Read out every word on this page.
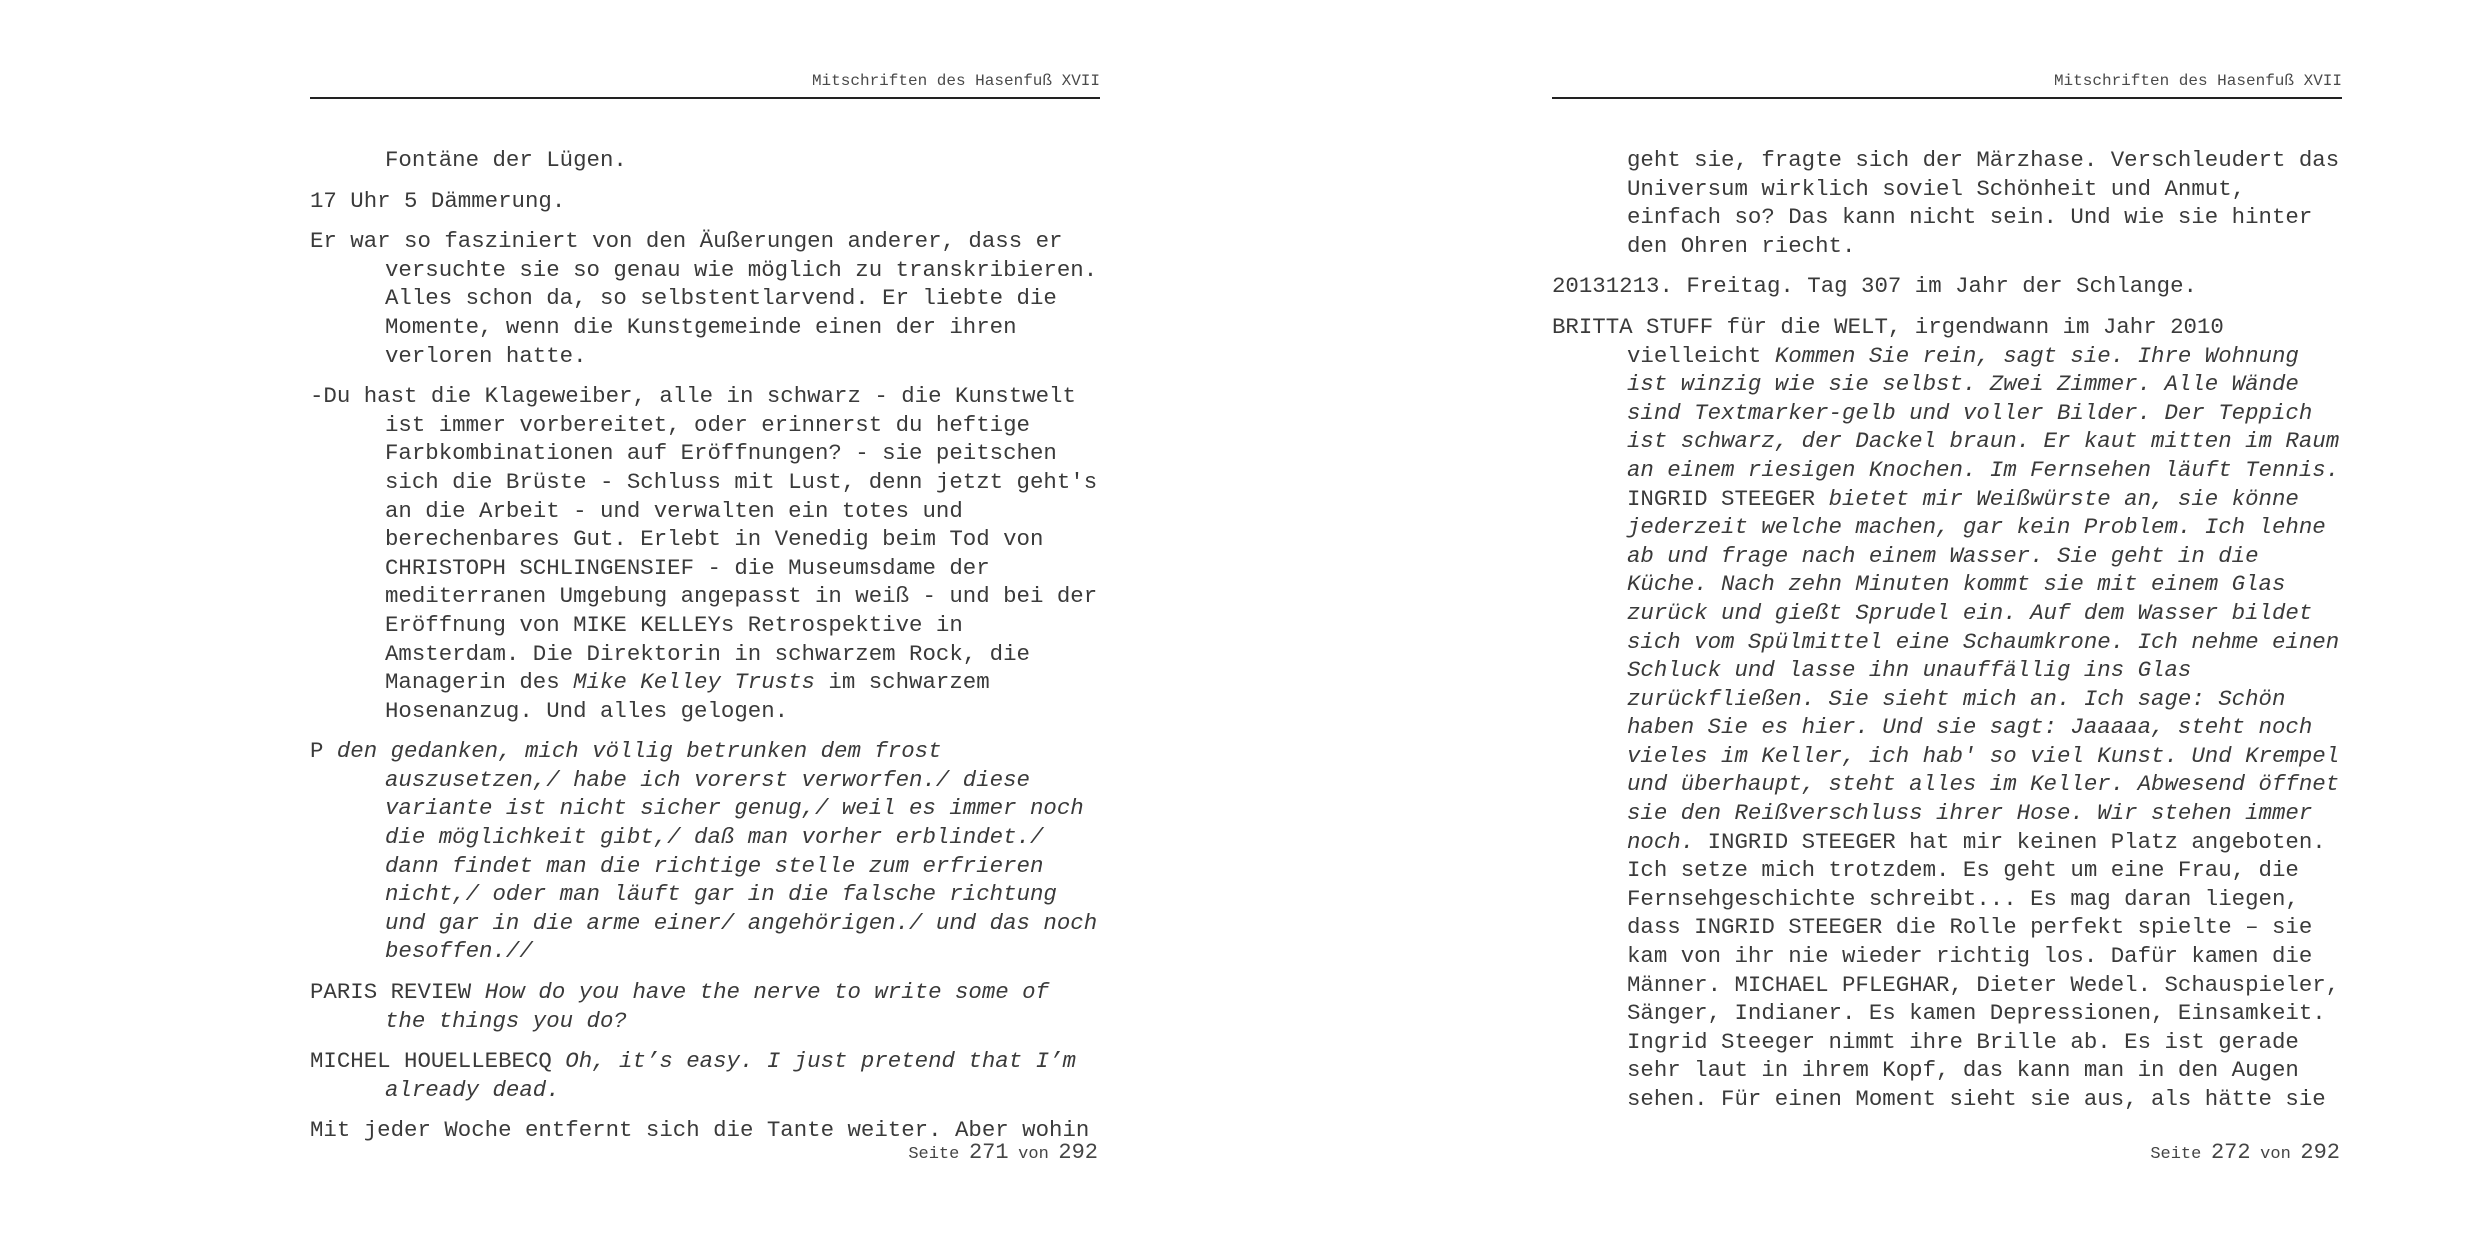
Mitschriften des Hasenfuß XVII

Fontäne der Lügen.

17 Uhr 5 Dämmerung.

Er war so fasziniert von den Äußerungen anderer, dass er versuchte sie so genau wie möglich zu transkribieren. Alles schon da, so selbstentlarvend. Er liebte die Momente, wenn die Kunstgemeinde einen der ihren verloren hatte.

-Du hast die Klageweiber, alle in schwarz - die Kunstwelt ist immer vorbereitet, oder erinnerst du heftige Farbkombinationen auf Eröffnungen? - sie peitschen sich die Brüste - Schluss mit Lust, denn jetzt geht's an die Arbeit - und verwalten ein totes und berechenbares Gut. Erlebt in Venedig beim Tod von CHRISTOPH SCHLINGENSIEF - die Museumsdame der mediterranen Umgebung angepasst in weiß - und bei der Eröffnung von MIKE KELLEYs Retrospektive in Amsterdam. Die Direktorin in schwarzem Rock, die Managerin des Mike Kelley Trusts im schwarzem Hosenanzug. Und alles gelogen.

P den gedanken, mich völlig betrunken dem frost auszusetzen,/ habe ich vorerst verworfen./ diese variante ist nicht sicher genug,/ weil es immer noch die möglichkeit gibt,/ daß man vorher erblindet./ dann findet man die richtige stelle zum erfrieren nicht,/ oder man läuft gar in die falsche richtung und gar in die arme einer/ angehörigen./ und das noch besoffen.//

PARIS REVIEW How do you have the nerve to write some of the things you do?

MICHEL HOUELLEBECQ Oh, it’s easy. I just pretend that I’m already dead.

Mit jeder Woche entfernt sich die Tante weiter. Aber wohin

Seite 271 von 292
Mitschriften des Hasenfuß XVII

geht sie, fragte sich der Märzhase. Verschleudert das Universum wirklich soviel Schönheit und Anmut, einfach so? Das kann nicht sein. Und wie sie hinter den Ohren riecht.

20131213. Freitag. Tag 307 im Jahr der Schlange.

BRITTA STUFF für die WELT, irgendwann im Jahr 2010 vielleicht Kommen Sie rein, sagt sie. Ihre Wohnung ist winzig wie sie selbst. Zwei Zimmer. Alle Wände sind Textmarker-gelb und voller Bilder. Der Teppich ist schwarz, der Dackel braun. Er kaut mitten im Raum an einem riesigen Knochen. Im Fernsehen läuft Tennis. INGRID STEEGER bietet mir Weißwürste an, sie könne jederzeit welche machen, gar kein Problem. Ich lehne ab und frage nach einem Wasser. Sie geht in die Küche. Nach zehn Minuten kommt sie mit einem Glas zurück und gießt Sprudel ein. Auf dem Wasser bildet sich vom Spülmittel eine Schaumkrone. Ich nehme einen Schluck und lasse ihn unauffällig ins Glas zurückfließen. Sie sieht mich an. Ich sage: Schön haben Sie es hier. Und sie sagt: Jaaaaa, steht noch vieles im Keller, ich hab' so viel Kunst. Und Krempel und überhaupt, steht alles im Keller. Abwesend öffnet sie den Reißverschluss ihrer Hose. Wir stehen immer noch. INGRID STEEGER hat mir keinen Platz angeboten. Ich setze mich trotzdem. Es geht um eine Frau, die Fernsehgeschichte schreibt... Es mag daran liegen, dass INGRID STEEGER die Rolle perfekt spielte – sie kam von ihr nie wieder richtig los. Dafür kamen die Männer. MICHAEL PFLEGHAR, Dieter Wedel. Schauspieler, Sänger, Indianer. Es kamen Depressionen, Einsamkeit. Ingrid Steeger nimmt ihre Brille ab. Es ist gerade sehr laut in ihrem Kopf, das kann man in den Augen sehen. Für einen Moment sieht sie aus, als hätte sie

Seite 272 von 292
